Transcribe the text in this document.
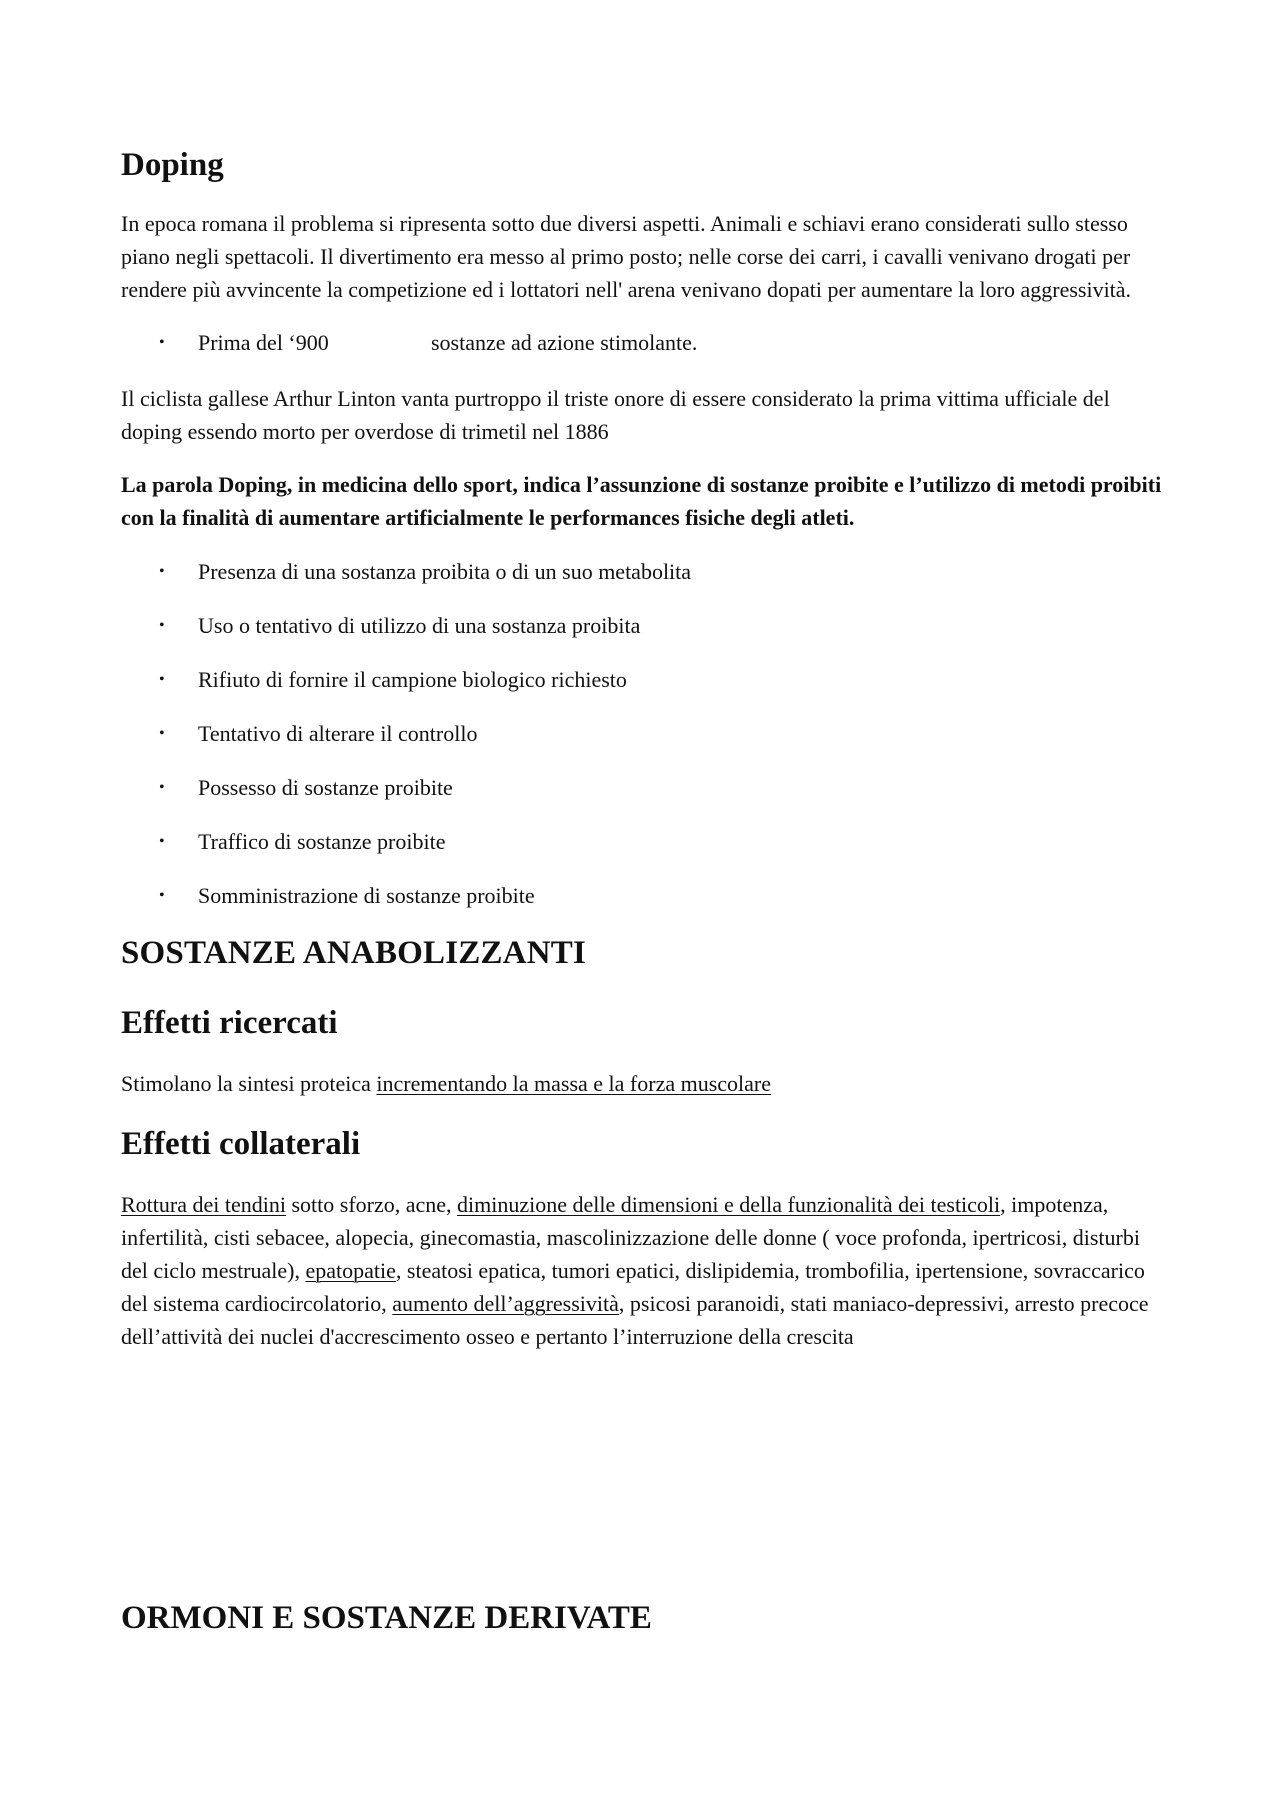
Doping

In epoca romana il problema si ripresenta sotto due diversi aspetti. Animali e schiavi erano considerati sullo stesso piano negli spettacoli. Il divertimento era messo al primo posto; nelle corse dei carri, i cavalli venivano drogati per rendere più avvincente la competizione ed i lottatori nell' arena venivano dopati per aumentare la loro aggressività.

• Prima del ‘900	sostanze ad azione stimolante.

Il ciclista gallese Arthur Linton vanta purtroppo il triste onore di essere considerato la prima vittima ufficiale del doping essendo morto per overdose di trimetil nel 1886

La parola Doping, in medicina dello sport, indica l’assunzione di sostanze proibite e l’utilizzo di metodi proibiti con la finalità di aumentare artificialmente le performances fisiche degli atleti.

• Presenza di una sostanza proibita o di un suo metabolita
• Uso o tentativo di utilizzo di una sostanza proibita
• Rifiuto di fornire il campione biologico richiesto
• Tentativo di alterare il controllo
• Possesso di sostanze proibite
• Traffico di sostanze proibite
• Somministrazione di sostanze proibite
SOSTANZE ANABOLIZZANTI
Effetti ricercati

Stimolano la sintesi proteica incrementando la massa e la forza muscolare

Effetti collaterali

Rottura dei tendini sotto sforzo, acne, diminuzione delle dimensioni e della funzionalità dei testicoli, impotenza, infertilità, cisti sebacee, alopecia, ginecomastia, mascolinizzazione delle donne ( voce profonda, ipertricosi, disturbi del ciclo mestruale), epatopatie, steatosi epatica, tumori epatici, dislipidemia, trombofilia, ipertensione, sovraccarico del sistema cardiocircolatorio, aumento dell’aggressività, psicosi paranoidi, stati maniaco-depressivi, arresto precoce dell’attività dei nuclei d'accrescimento osseo e pertanto l’interruzione della crescita

ORMONI E SOSTANZE DERIVATE
